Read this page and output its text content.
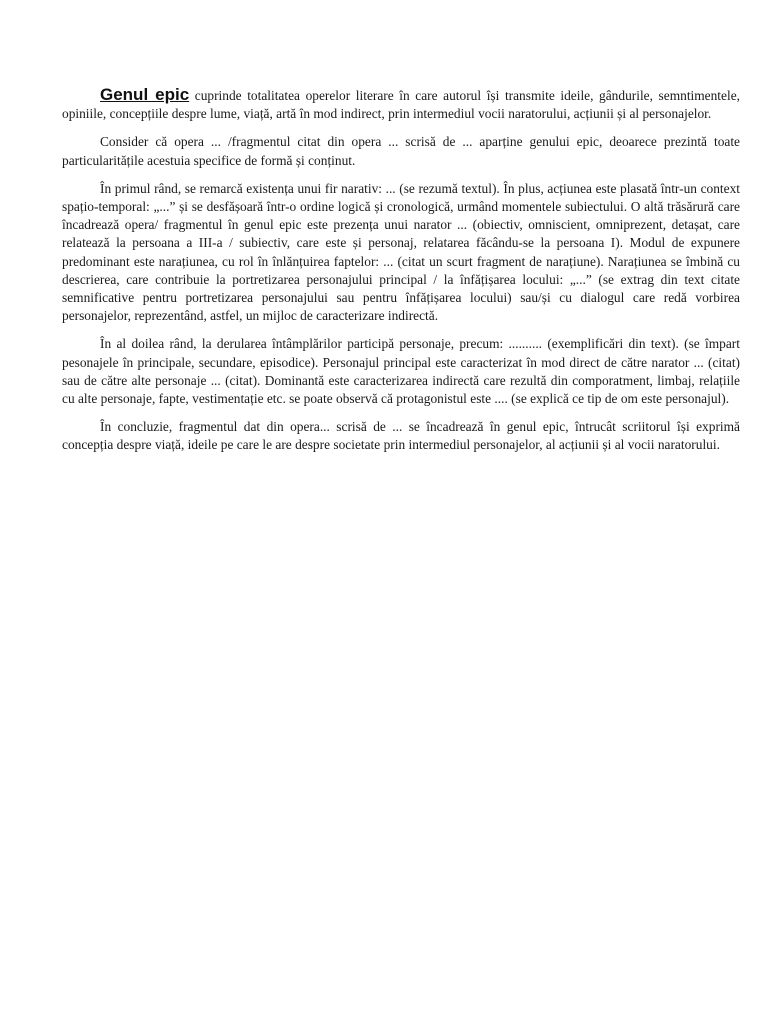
Genul epic cuprinde totalitatea operelor literare în care autorul își transmite ideile, gândurile, semntimentele, opiniile, concepțiile despre lume, viață, artă în mod indirect, prin intermediul vocii naratorului, acțiunii și al personajelor.

Consider că opera ... /fragmentul citat din opera ... scrisă de ... aparține genului epic, deoarece prezintă toate particularitățile acestuia specifice de formă și conținut.

În primul rând, se remarcă existența unui fir narativ: ... (se rezumă textul). În plus, acțiunea este plasată într-un context spațio-temporal: „...” și se desfășoară într-o ordine logică și cronologică, urmând momentele subiectului. O altă trăsărură care încadrează opera/ fragmentul în genul epic este prezența unui narator ... (obiectiv, omniscient, omniprezent, detașat, care relatează la persoana a III-a / subiectiv, care este și personaj, relatarea făcându-se la persoana I). Modul de expunere predominant este narațiunea, cu rol în înlănțuirea faptelor: ... (citat un scurt fragment de narațiune). Narațiunea se îmbină cu descrierea, care contribuie la portretizarea personajului principal / la înfățișarea locului: „...” (se extrag din text citate semnificative pentru portretizarea personajului sau pentru înfățișarea locului) sau/și cu dialogul care redă vorbirea personajelor, reprezentând, astfel, un mijloc de caracterizare indirectă.

În al doilea rând, la derularea întâmplărilor participă personaje, precum: .......... (exemplificări din text). (se împart pesonajele în principale, secundare, episodice). Personajul principal este caracterizat în mod direct de către narator ... (citat) sau de către alte personaje ... (citat). Dominantă este caracterizarea indirectă care rezultă din comporatment, limbaj, relațiile cu alte personaje, fapte, vestimentație etc. se poate observă că protagonistul este .... (se explică ce tip de om este personajul).

În concluzie, fragmentul dat din opera... scrisă de ... se încadrează în genul epic, întrucât scriitorul își exprimă concepția despre viață, ideile pe care le are despre societate prin intermediul personajelor, al acțiunii și al vocii naratorului.
